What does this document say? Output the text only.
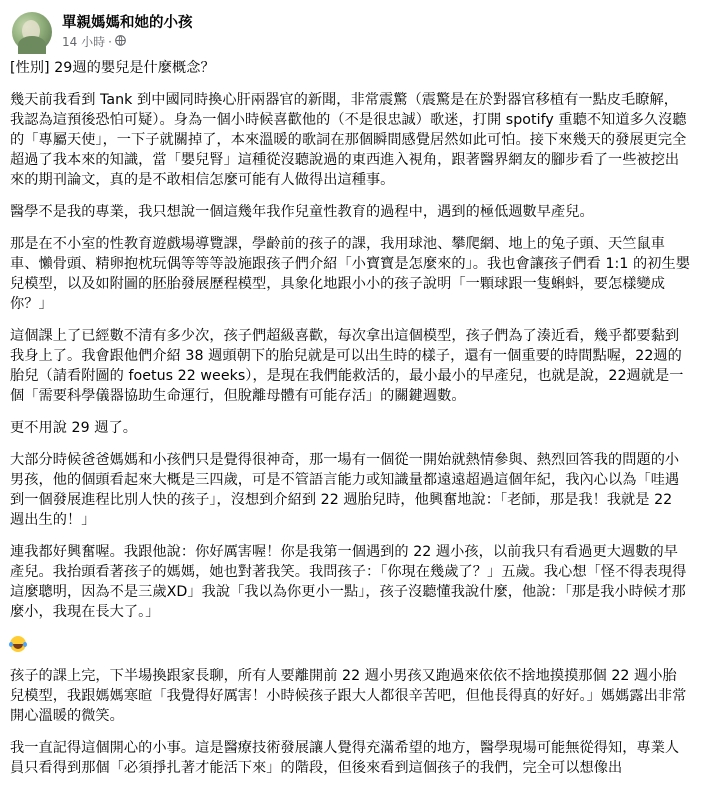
單親媽媽和她的小孩
14 小時 ·

[性別] 29週的嬰兒是什麼概念？

幾天前我看到 Tank 到中國同時換心肝兩器官的新聞，非常震驚（震驚是在於對器官移植有一點皮毛瞭解，我認為這預後恐怕可疑）。身為一個小時候喜歡他的（不是很忠誠）歌迷，打開 spotify 重聽不知道多久沒聽的「專屬天使」，一下子就關掉了，本來溫暖的歌詞在那個瞬間感覺居然如此可怕。接下來幾天的發展更完全超過了我本來的知識，當「嬰兒腎」這種從沒聽說過的東西進入視角，跟著醫界網友的腳步看了一些被挖出來的期刊論文，真的是不敢相信怎麼可能有人做得出這種事。

醫學不是我的專業，我只想說一個這幾年我作兒童性教育的過程中，遇到的極低週數早產兒。

那是在不小室的性教育遊戲場導覽課，學齡前的孩子的課，我用球池、攀爬網、地上的兔子頭、天竺鼠車車、懶骨頭、精卵抱枕玩偶等等等設施跟孩子們介紹「小寶寶是怎麼來的」。我也會讓孩子們看 1:1 的初生嬰兒模型，以及如附圖的胚胎發展歷程模型，具象化地跟小小的孩子說明「一顆球跟一隻蝌蚪，要怎樣變成你？」

這個課上了已經數不清有多少次，孩子們超級喜歡，每次拿出這個模型，孩子們為了湊近看，幾乎都要黏到我身上了。我會跟他們介紹 38 週頭朝下的胎兒就是可以出生時的樣子，還有一個重要的時間點喔，22週的胎兒（請看附圖的 foetus 22 weeks），是現在我們能救活的，最小最小的早產兒，也就是說，22週就是一個「需要科學儀器協助生命運行，但脫離母體有可能存活」的關鍵週數。

更不用說 29 週了。

大部分時候爸爸媽媽和小孩們只是覺得很神奇，那一場有一個從一開始就熱情參與、熱烈回答我的問題的小男孩，他的個頭看起來大概是三四歲，可是不管語言能力或知識量都遠遠超過這個年紀，我內心以為「哇遇到一個發展進程比別人快的孩子」，沒想到介紹到 22 週胎兒時，他興奮地說：「老師，那是我！我就是 22 週出生的！」

連我都好興奮喔。我跟他說：你好厲害喔！你是我第一個遇到的 22 週小孩，以前我只有看過更大週數的早產兒。我抬頭看著孩子的媽媽，她也對著我笑。我問孩子：「你現在幾歲了？」五歲。我心想「怪不得表現得這麼聰明，因為不是三歲XD」我說「我以為你更小一點」，孩子沒聽懂我說什麼，他說：「那是我小時候才那麼小，我現在長大了。」

孩子的課上完，下半場換跟家長聊，所有人要離開前 22 週小男孩又跑過來依依不捨地摸摸那個 22 週小胎兒模型，我跟媽媽寒暄「我覺得好厲害！小時候孩子跟大人都很辛苦吧，但他長得真的好好。」媽媽露出非常開心溫暖的微笑。

我一直記得這個開心的小事。這是醫療技術發展讓人覺得充滿希望的地方，醫學現場可能無從得知，專業人員只看得到那個「必須掙扎著才能活下來」的階段，但後來看到這個孩子的我們，完全可以想像出
